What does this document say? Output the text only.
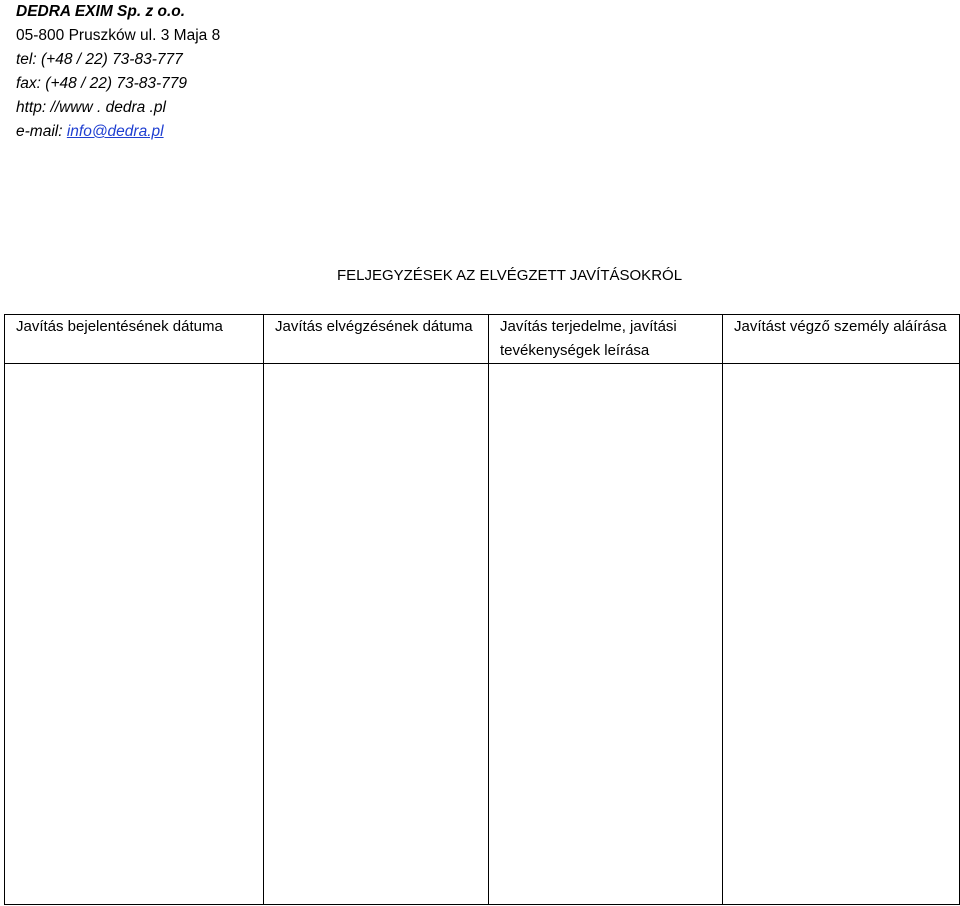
DEDRA EXIM Sp. z o.o.
05-800 Pruszków ul. 3 Maja 8
tel: (+48 / 22) 73-83-777
fax: (+48 / 22) 73-83-779
http: //www . dedra .pl
e-mail: info@dedra.pl
FELJEGYZÉSEK AZ ELVÉGZETT JAVÍTÁSOKRÓL
Javítás bejelentésének dátuma	Javítás elvégzésének dátuma	Javítás terjedelme, javítási tevékenységek leírása	Javítást végző személy aláírása
